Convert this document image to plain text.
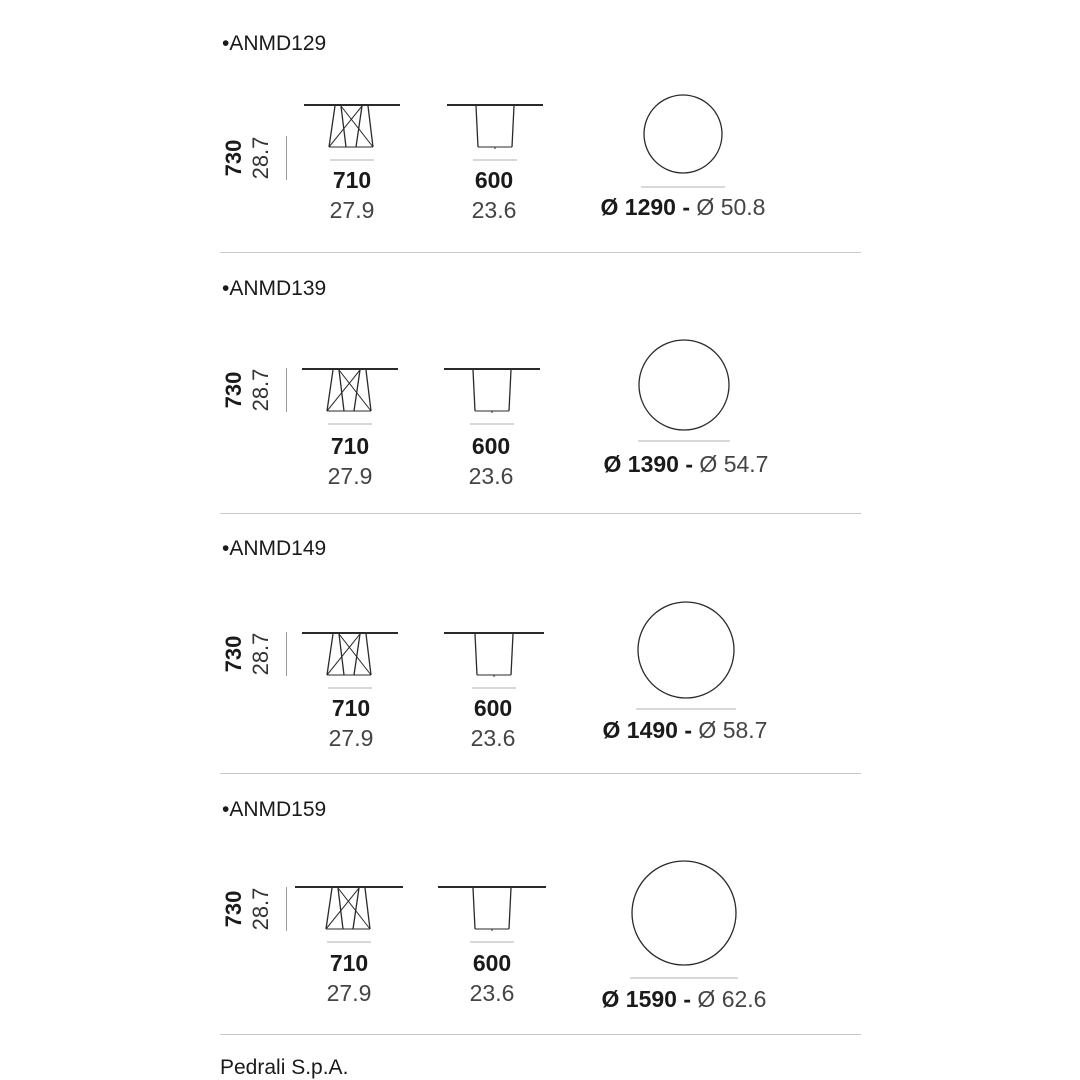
•ANMD129
730 28.7
710
27.9
600
23.6	Ø 1290 - Ø 50.8
•ANMD139
730 28.7
710
27.9
600
23.6	Ø 1390 - Ø 54.7
•ANMD149
730 28.7
710
27.9
600
23.6	Ø 1490 - Ø 58.7
•ANMD159
730 28.7
710
27.9
600
23.6	Ø 1590 - Ø 62.6
Pedrali S.p.A.
